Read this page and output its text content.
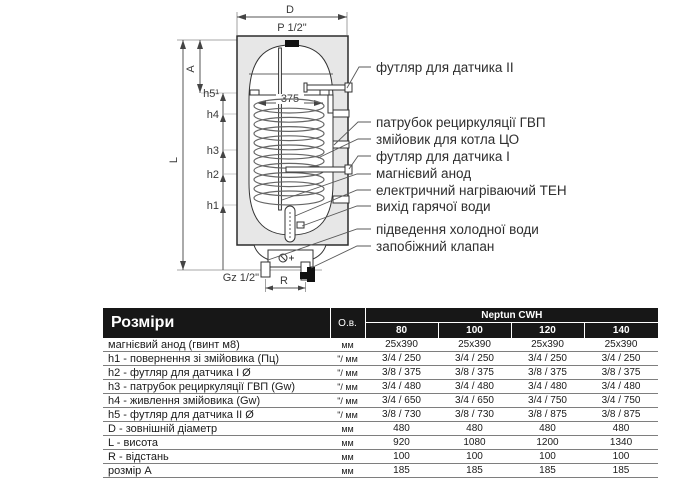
D
P 1/2"
L
A
h5¹
h4
h3
h2
h1
375
Gz 1/2" R
футляр для датчика II
патрубок рециркуляції ГВП
змійовик для котла ЦО
футляр для датчика I
магнієвий анод
електричний нагріваючий ТЕН
вихід гарячої води
підведення холодної води
запобіжний клапан
Розміри	О.в.	Neptun CWH			
		80	100	120	140
магнієвий анод (гвинт м8)	мм	25x390	25x390	25x390	25x390
h1 - повернення зі змійовика (Пц)	"/ мм	3/4 / 250	3/4 / 250	3/4 / 250	3/4 / 250
h2 - футляр для датчика I Ø	"/ мм	3/8 / 375	3/8 / 375	3/8 / 375	3/8 / 375
h3 - патрубок рециркуляції ГВП (Gw)	"/ мм	3/4 / 480	3/4 / 480	3/4 / 480	3/4 / 480
h4 - живлення змійовика (Gw)	"/ мм	3/4 / 650	3/4 / 650	3/4 / 750	3/4 / 750
h5 - футляр для датчика II Ø	"/ мм	3/8 / 730	3/8 / 730	3/8 / 875	3/8 / 875
D - зовнішній діаметр	мм	480	480	480	480
L - висота	мм	920	1080	1200	1340
R - відстань	мм	100	100	100	100
розмір A	мм	185	185	185	185
